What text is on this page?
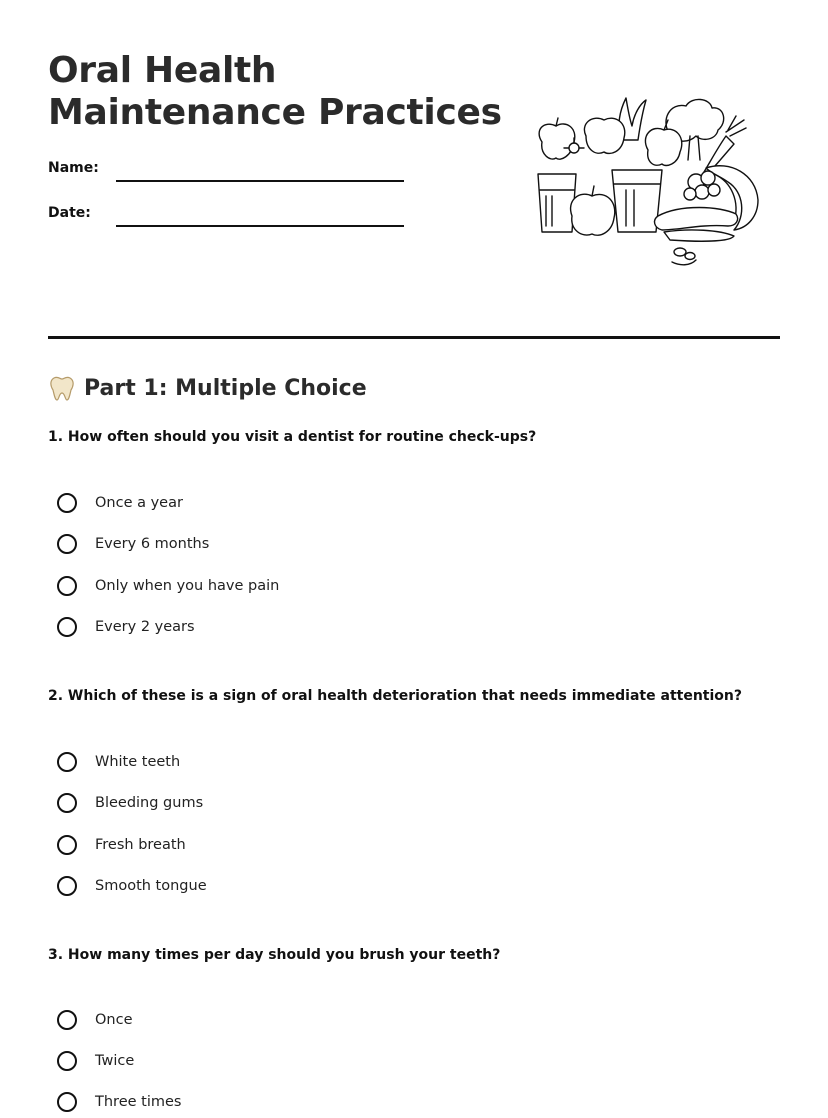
Oral Health
Maintenance Practices
Name:
Date:
Part 1: Multiple Choice

1. How often should you visit a dentist for routine check-ups?

Once a year
Every 6 months
Only when you have pain
Every 2 years

2. Which of these is a sign of oral health deterioration that needs immediate attention?

White teeth
Bleeding gums
Fresh breath
Smooth tongue

3. How many times per day should you brush your teeth?

Once
Twice
Three times
